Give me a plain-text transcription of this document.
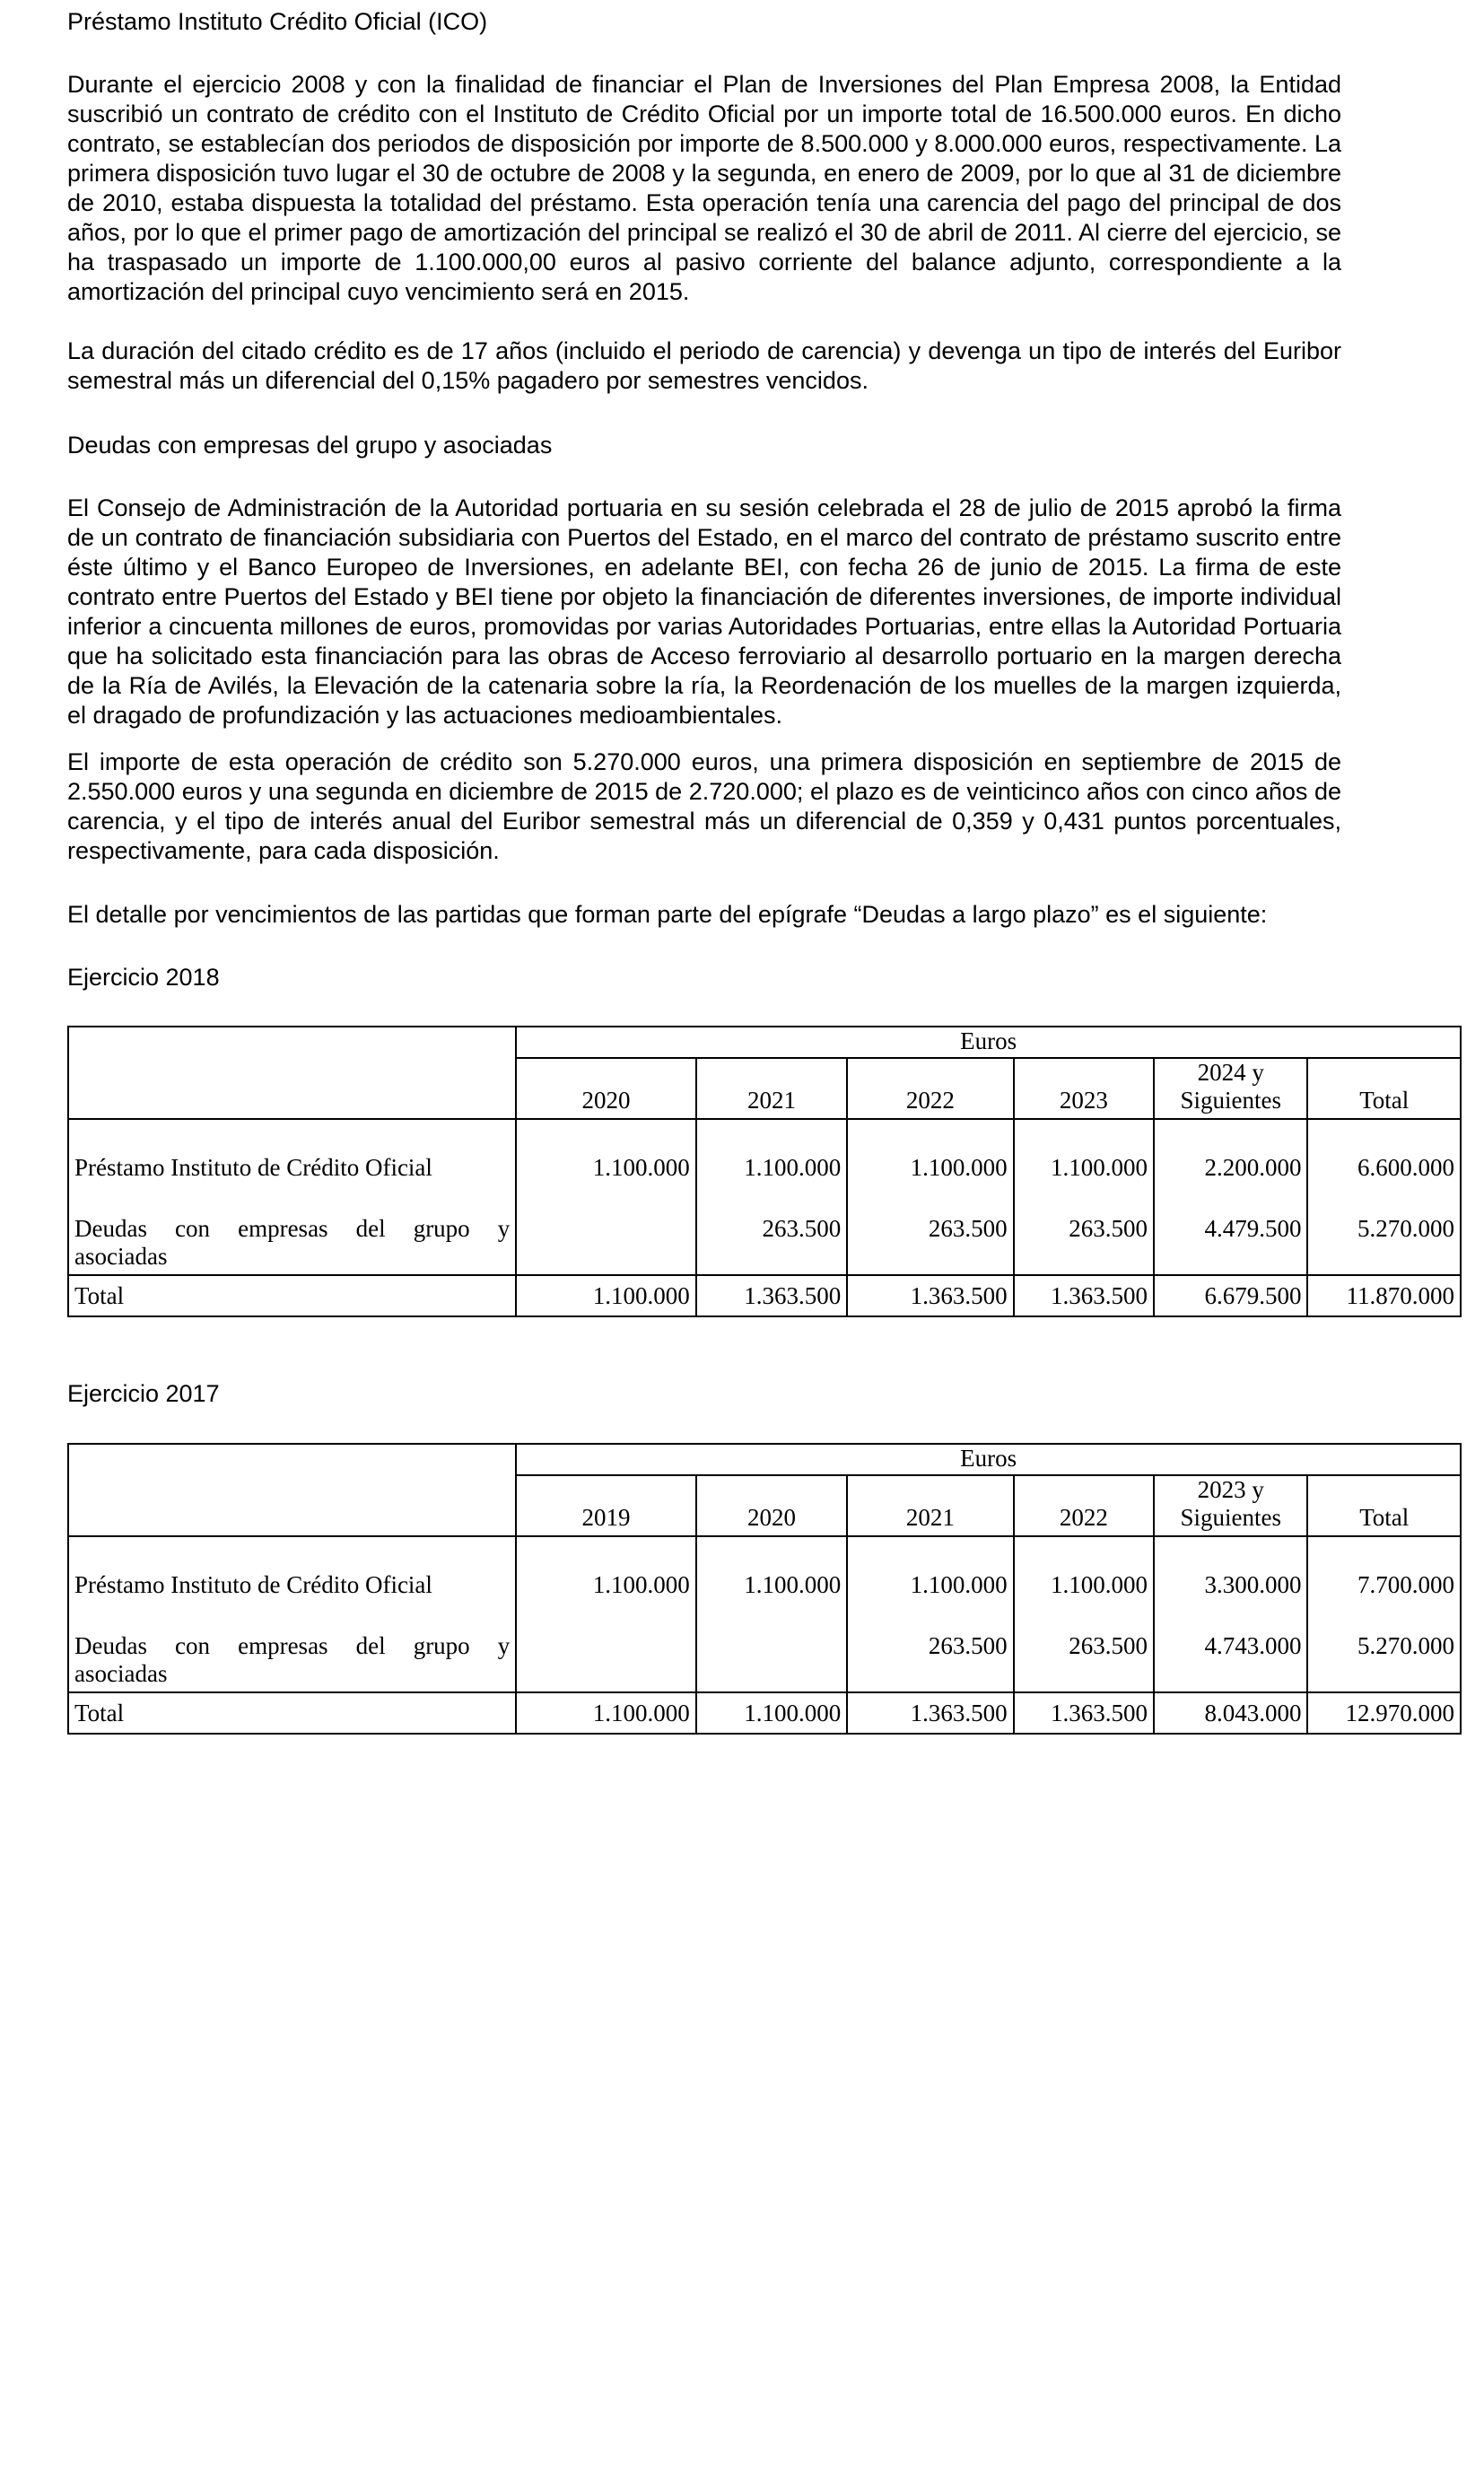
Préstamo Instituto Crédito Oficial (ICO)

Durante el ejercicio 2008 y con la finalidad de financiar el Plan de Inversiones del Plan Empresa 2008, la Entidad suscribió un contrato de crédito con el Instituto de Crédito Oficial por un importe total de 16.500.000 euros. En dicho contrato, se establecían dos periodos de disposición por importe de 8.500.000 y 8.000.000 euros, respectivamente. La primera disposición tuvo lugar el 30 de octubre de 2008 y la segunda, en enero de 2009, por lo que al 31 de diciembre de 2010, estaba dispuesta la totalidad del préstamo. Esta operación tenía una carencia del pago del principal de dos años, por lo que el primer pago de amortización del principal se realizó el 30 de abril de 2011. Al cierre del ejercicio, se ha traspasado un importe de 1.100.000,00 euros al pasivo corriente del balance adjunto, correspondiente a la amortización del principal cuyo vencimiento será en 2015.

La duración del citado crédito es de 17 años (incluido el periodo de carencia) y devenga un tipo de interés del Euribor semestral más un diferencial del 0,15% pagadero por semestres vencidos.

Deudas con empresas del grupo y asociadas

El Consejo de Administración de la Autoridad portuaria en su sesión celebrada el 28 de julio de 2015 aprobó la firma de un contrato de financiación subsidiaria con Puertos del Estado, en el marco del contrato de préstamo suscrito entre éste último y el Banco Europeo de Inversiones, en adelante BEI, con fecha 26 de junio de 2015. La firma de este contrato entre Puertos del Estado y BEI tiene por objeto la financiación de diferentes inversiones, de importe individual inferior a cincuenta millones de euros, promovidas por varias Autoridades Portuarias, entre ellas la Autoridad Portuaria que ha solicitado esta financiación para las obras de Acceso ferroviario al desarrollo portuario en la margen derecha de la Ría de Avilés, la Elevación de la catenaria sobre la ría, la Reordenación de los muelles de la margen izquierda, el dragado de profundización y las actuaciones medioambientales.

El importe de esta operación de crédito son 5.270.000 euros, una primera disposición en septiembre de 2015 de 2.550.000 euros y una segunda en diciembre de 2015 de 2.720.000; el plazo es de veinticinco años con cinco años de carencia, y el tipo de interés anual del Euribor semestral más un diferencial de 0,359 y 0,431 puntos porcentuales, respectivamente, para cada disposición.

El detalle por vencimientos de las partidas que forman parte del epígrafe “Deudas a largo plazo” es el siguiente:

Ejercicio 2018

	Euros					
	2020	2021	2022	2023	2024 y
Siguientes	Total
Préstamo Instituto de Crédito Oficial	1.100.000	1.100.000	1.100.000	1.100.000	2.200.000	6.600.000
Deudas con empresas del grupo y
asociadas		263.500	263.500	263.500	4.479.500	5.270.000
Total	1.100.000	1.363.500	1.363.500	1.363.500	6.679.500	11.870.000

Ejercicio 2017

	Euros					
	2019	2020	2021	2022	2023 y
Siguientes	Total
Préstamo Instituto de Crédito Oficial	1.100.000	1.100.000	1.100.000	1.100.000	3.300.000	7.700.000
Deudas con empresas del grupo y
asociadas			263.500	263.500	4.743.000	5.270.000
Total	1.100.000	1.100.000	1.363.500	1.363.500	8.043.000	12.970.000
